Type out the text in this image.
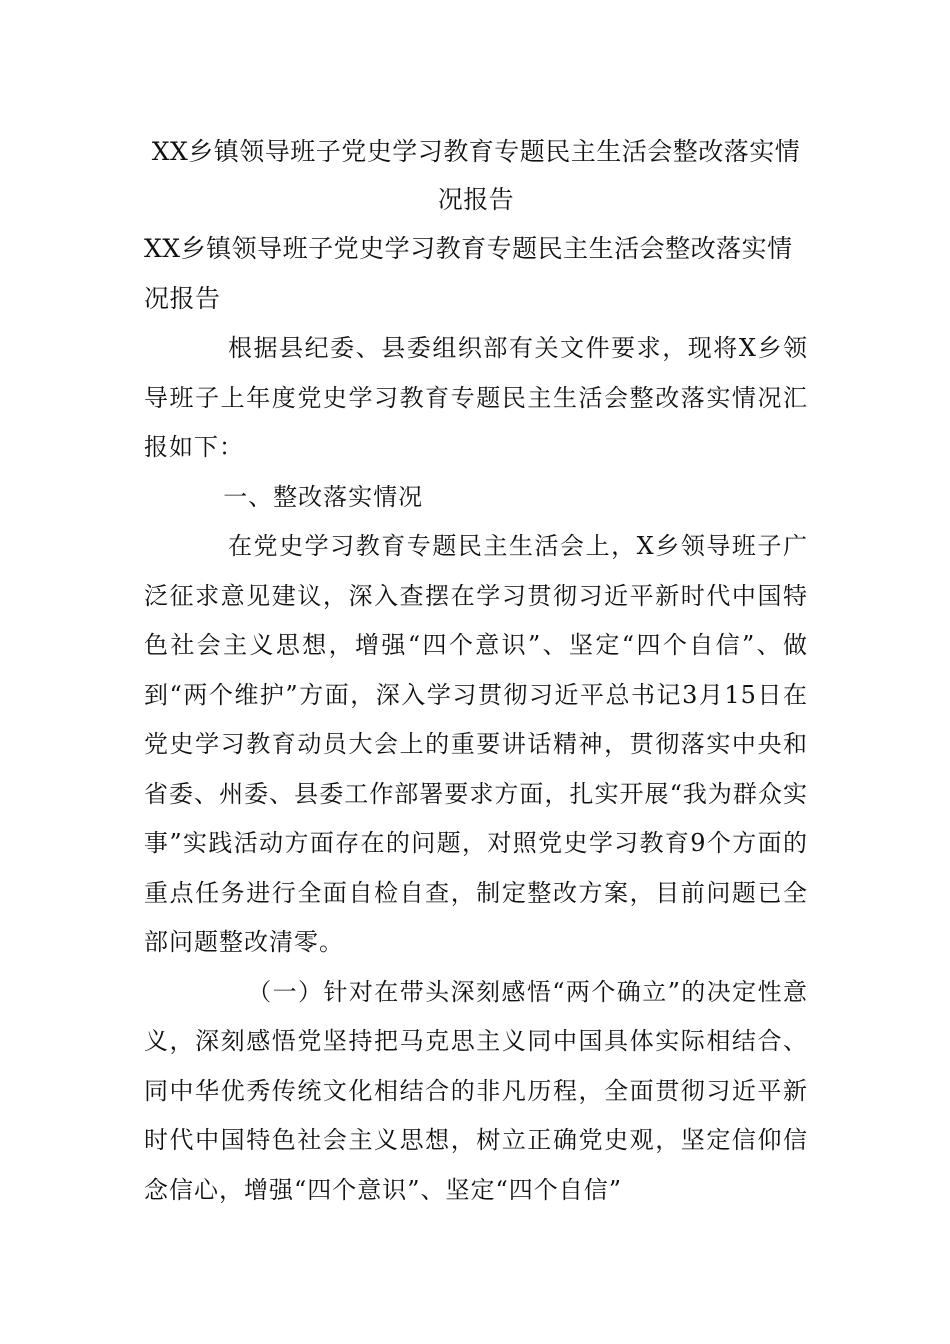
XX乡镇领导班子党史学习教育专题民主生活会整改落实情况报告
XX乡镇领导班子党史学习教育专题民主生活会整改落实情况报告

根据县纪委、县委组织部有关文件要求，现将X乡领导班子上年度党史学习教育专题民主生活会整改落实情况汇报如下：

一、整改落实情况

在党史学习教育专题民主生活会上，X乡领导班子广泛征求意见建议，深入查摆在学习贯彻习近平新时代中国特色社会主义思想，增强“四个意识”、坚定“四个自信”、做到“两个维护”方面，深入学习贯彻习近平总书记3月15日在党史学习教育动员大会上的重要讲话精神，贯彻落实中央和省委、州委、县委工作部署要求方面，扎实开展“我为群众实事”实践活动方面存在的问题，对照党史学习教育9个方面的重点任务进行全面自检自查，制定整改方案，目前问题已全部问题整改清零。

（一）针对在带头深刻感悟“两个确立”的决定性意义，深刻感悟党坚持把马克思主义同中国具体实际相结合、同中华优秀传统文化相结合的非凡历程，全面贯彻习近平新时代中国特色社会主义思想，树立正确党史观，坚定信仰信念信心，增强“四个意识”、坚定“四个自信”
